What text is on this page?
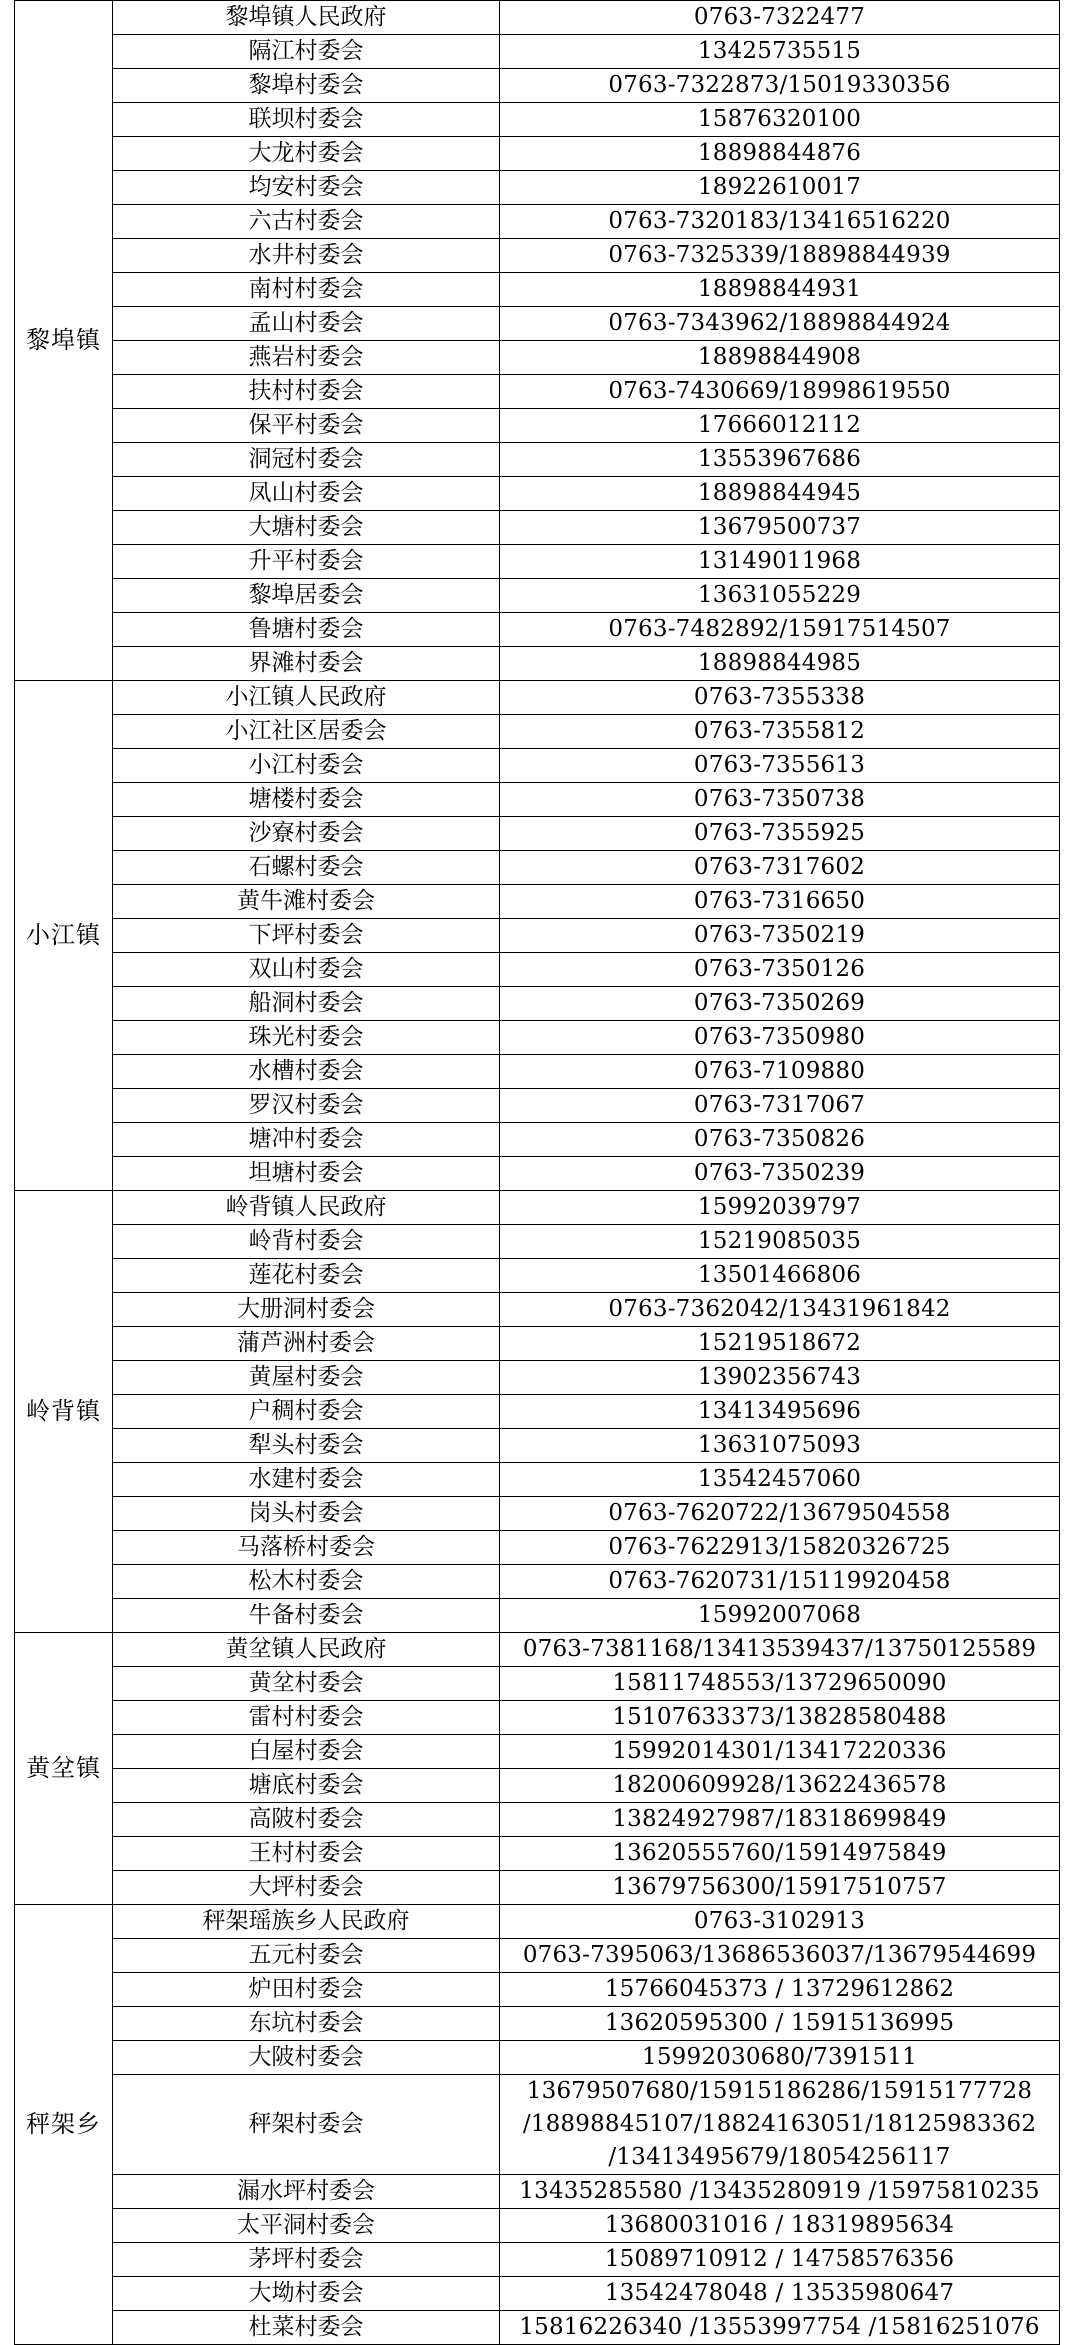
黎埠镇	黎埠镇人民政府	0763-7322477
	隔江村委会	13425735515
	黎埠村委会	0763-7322873/15019330356
	联坝村委会	15876320100
	大龙村委会	18898844876
	均安村委会	18922610017
	六古村委会	0763-7320183/13416516220
	水井村委会	0763-7325339/18898844939
	南村村委会	18898844931
	孟山村委会	0763-7343962/18898844924
	燕岩村委会	18898844908
	扶村村委会	0763-7430669/18998619550
	保平村委会	17666012112
	洞冠村委会	13553967686
	凤山村委会	18898844945
	大塘村委会	13679500737
	升平村委会	13149011968
	黎埠居委会	13631055229
	鲁塘村委会	0763-7482892/15917514507
	界滩村委会	18898844985
小江镇	小江镇人民政府	0763-7355338
	小江社区居委会	0763-7355812
	小江村委会	0763-7355613
	塘楼村委会	0763-7350738
	沙寮村委会	0763-7355925
	石螺村委会	0763-7317602
	黄牛滩村委会	0763-7316650
	下坪村委会	0763-7350219
	双山村委会	0763-7350126
	船洞村委会	0763-7350269
	珠光村委会	0763-7350980
	水槽村委会	0763-7109880
	罗汉村委会	0763-7317067
	塘冲村委会	0763-7350826
	坦塘村委会	0763-7350239
岭背镇	岭背镇人民政府	15992039797
	岭背村委会	15219085035
	莲花村委会	13501466806
	大册洞村委会	0763-7362042/13431961842
	蒲芦洲村委会	15219518672
	黄屋村委会	13902356743
	户稠村委会	13413495696
	犁头村委会	13631075093
	水建村委会	13542457060
	岗头村委会	0763-7620722/13679504558
	马落桥村委会	0763-7622913/15820326725
	松木村委会	0763-7620731/15119920458
	牛备村委会	15992007068
黄坌镇	黄坌镇人民政府	0763-7381168/13413539437/13750125589
	黄坌村委会	15811748553/13729650090
	雷村村委会	15107633373/13828580488
	白屋村委会	15992014301/13417220336
	塘底村委会	18200609928/13622436578
	高陂村委会	13824927987/18318699849
	王村村委会	13620555760/15914975849
	大坪村委会	13679756300/15917510757
秤架乡	秤架瑶族乡人民政府	0763-3102913
	五元村委会	0763-7395063/13686536037/13679544699
	炉田村委会	15766045373 / 13729612862
	东坑村委会	13620595300 / 15915136995
	大陂村委会	15992030680/7391511
	秤架村委会	13679507680/15915186286/15915177728
/18898845107/18824163051/18125983362
/13413495679/18054256117

	漏水坪村委会	13435285580 /13435280919 /15975810235
	太平洞村委会	13680031016 / 18319895634
	茅坪村委会	15089710912 / 14758576356
	大坳村委会	13542478048 / 13535980647
	杜菜村委会	15816226340 /13553997754 /15816251076
